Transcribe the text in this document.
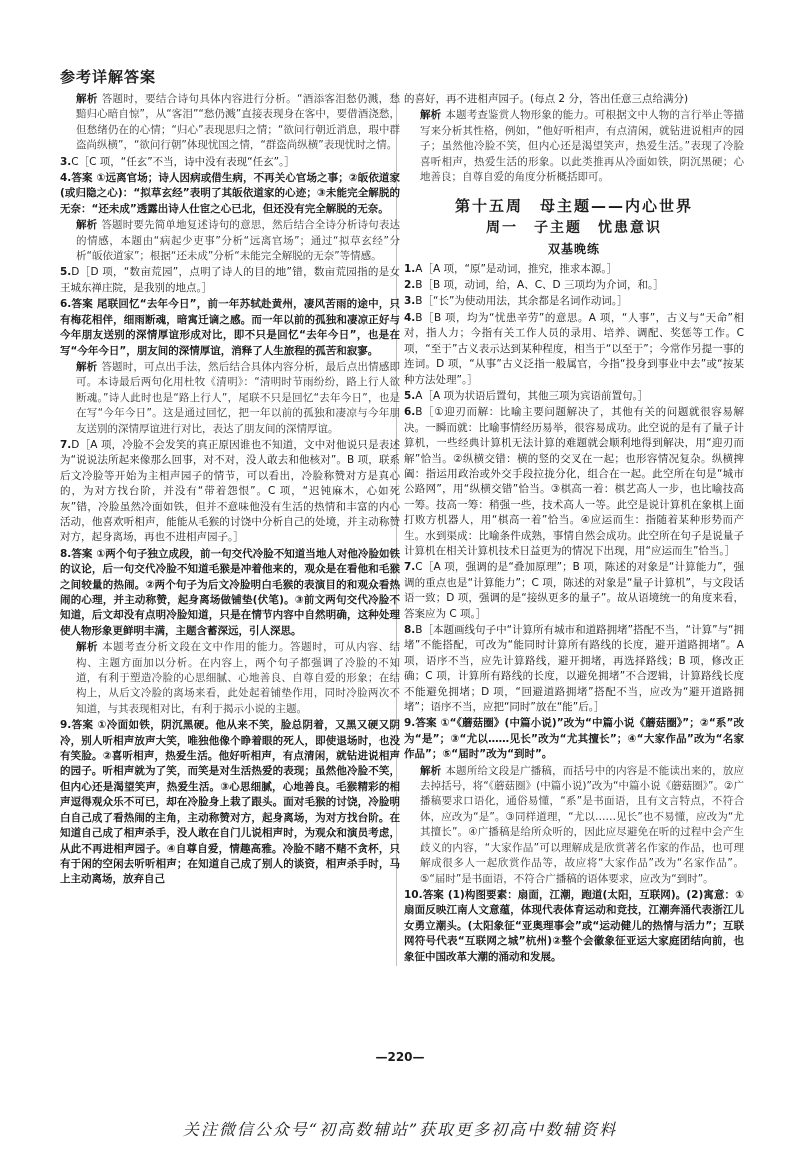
参考详解答案
解析 答题时，要结合诗句具体内容进行分析。“酒添客泪愁仍溅，愁黯归心暗自惊”，从“客泪”“愁仍溅”直接表现身在客中，要借酒浇愁，但愁绪仍在的心情；“归心”表现思归之情；“欲问行朝近消息，瑕中群盗尚纵横”，“欲问行朝”体现忧国之情，“群盗尚纵横”表现忧时之情。
3.C［C 项，“任玄”不当，诗中没有表现“任玄”。］
4.答案 ①远离官场；诗人因病或借生病，不再关心官场之事；②皈依道家(或归隐之心)：“拟草玄经”表明了其皈依道家的心迹；③未能完全解脱的无奈：“还未成”透露出诗人仕宦之心已北，但还没有完全解脱的无奈。
解析 答题时要先简单地复述诗句的意思，然后结合全诗分析诗句表达的情感，本题由“病起少吏事”分析“远离官场”；通过“拟草玄经”分析“皈依道家”；根据“还未成”分析“未能完全解脱的无奈”等情感。
5.D［D 项，“数亩荒园”，点明了诗人的目的地”错，数亩荒园指的是女王城东禅庄院，是我别的地点。］
6.答案 尾联回忆“去年今日”，前一年苏轼赴黄州，凄风苦雨的途中，只有梅花相伴，细雨断魂，暗寓迁谪之感。而一年以前的孤独和凄凉正好与今年朋友送别的深情厚谊形成对比，即不只是回忆“去年今日”，也是在写“今年今日”，朋友间的深情厚谊，消释了人生旅程的孤苦和寂寥。
解析 答题时，可点出手法，然后结合具体内容分析，最后点出情感即可。本诗最后两句化用杜牧《清明》：“清明时节雨纷纷，路上行人欲断魂。”诗人此时也是“路上行人”，尾联不只是回忆“去年今日”，也是在写“今年今日”。这是通过回忆，把一年以前的孤独和凄凉与今年朋友送别的深情厚谊进行对比，表达了朋友间的深情厚谊。
7.D［A 项，冷脸不会发笑的真正原因谁也不知道，文中对他说只是表述为“说说法所起来像那么回事，对不对，没人敢去和他核对”。B 项，联系后文冷脸等开始为主相声园子的情节，可以看出，冷脸称赞对方是真心的，为对方找台阶，并没有“带着怨恨”。C 项，“迟钝麻木，心如死灰”错，冷脸虽然冷面如铁，但并不意味他没有生活的热情和丰富的内心活动，他喜欢听相声，能能从毛猴的讨饶中分析自己的处境，并主动称赞对方，起身离场，再也不进相声园子。］
8.答案 ①两个句子独立成段，前一句交代冷脸不知道当地人对他冷脸如铁的议论，后一句交代冷脸不知道毛猴是冲着他来的，观众是在看他和毛猴之间较量的热闹。②两个句子为后文冷脸明白毛猴的表演目的和观众看热闹的心理，并主动称赞，起身离场做铺垫(伏笔)。③前文两句交代冷脸不知道，后文却没有点明冷脸知道，只是在情节内容中自然明确，这种处理使人物形象更鲜明丰满，主题含蓄深远，引人深思。
解析 本题考查分析文段在文中作用的能力。答题时，可从内容、结构、主题方面加以分析。在内容上，两个句子都强调了冷脸的不知道，有利于塑造冷脸的心思细腻、心地善良、自尊自爱的形象；在结构上，从后文冷脸的离场来看，此处起着铺垫作用，同时冷脸两次不知道，与其表现相对比，有利于揭示小说的主题。
9.答案 ①冷面如铁，阴沉黑硬。他从来不笑，脸总阴着，又黑又硬又阴冷，别人听相声放声大笑，唯独他像个睁着眼的死人，即使退场时，也没有笑脸。②喜听相声，热爱生活。他好听相声，有点清闲，就钻进说相声的园子。听相声就为了笑，而笑是对生活热爱的表现；虽然他冷脸不笑，但内心还是渴望笑声，热爱生活。③心思细腻，心地善良。毛猴精彩的相声逗得观众乐不可已，却在冷脸身上栽了跟头。面对毛猴的讨饶，冷脸明白自己成了看热闹的主角，主动称赞对方，起身离场，为对方找台阶。在知道自己成了相声杀手，没人敢在自门儿说相声时，为观众和演员考虑，从此不再进相声园子。④自尊自爱，情趣高雅。冷脸不睹不赌不贪杯，只有于闲的空闲去听听相声；在知道自己成了别人的谈资，相声杀手时，马上主动离场，放弃自己
的喜好，再不进相声园子。(每点 2 分，答出任意三点给满分)
解析 本题考查鉴赏人物形象的能力。可根据文中人物的言行举止等描写来分析其性格，例如，“他好听相声，有点清闲，就钻进说相声的园子；虽然他冷脸不笑，但内心还是渴望笑声，热爱生活。”表现了冷脸喜听相声，热爱生活的形象。以此类推再从冷面如铁，阴沉黑硬；心地善良；自尊自爱的角度分析概括即可。
第十五周　母主题——内心世界
周一　子主题　忧患意识
双基晚练
1.A［A 项，“原”是动词，推究，推求本源。］
2.B［B 项，动词，给，A、C、D 三项均为介词，和。］
3.B［“长”为使动用法，其余都是名词作动词。］
4.B［B 项，均为“忧患辛劳”的意思。A 项，“人事”，古义与“天命”相对，指人力；今指有关工作人员的录用、培养、调配、奖惩等工作。C 项，“至于”古义表示达到某种程度，相当于“以至于”；今常作另提一事的连词。D 项，“从事”古义泛指一般属官，今指“投身到事业中去”或“按某种方法处理”。］
5.A［A 项为状语后置句，其他三项为宾语前置句。］
6.B［①迎刃而解：比喻主要问题解决了，其他有关的问题就很容易解决。一瞬而就：比喻事情经历易举，很容易成功。此空说的是有了量子计算机，一些经典计算机无法计算的难题就会顺利地得到解决，用“迎刃而解”恰当。②纵横交错：横的竖的交叉在一起；也形容情况复杂。纵横捭阖：指运用政治或外交手段拉拢分化，组合在一起。此空所在句是“城市公路网”，用“纵横交错”恰当。③棋高一着：棋艺高人一步，也比喻技高一筹。技高一筹：稍强一些，技术高人一等。此空是说计算机在象棋上面打败方机器人，用“棋高一着”恰当。④应运而生：指随着某种形势而产生。水到渠成：比喻条件成熟，事情自然会成功。此空所在句子是说量子计算机在相关计算机技术日益更为的情况下出现，用“应运而生”恰当。］
7.C［A 项，强调的是“叠加原理”；B 项，陈述的对象是“计算能力”，强调的重点也是“计算能力”；C 项，陈述的对象是“量子计算机”，与文段话语一致；D 项，强调的是“接纵更多的量子”。故从语境统一的角度来看，答案应为 C 项。］
8.B［本题画线句子中“计算所有城市和道路拥堵”搭配不当，“计算”与“拥堵”不能搭配，可改为“能同时计算所有路线的长度，避开道路拥堵”。A 项，语序不当，应先计算路线，避开拥堵，再选择路线；B 项，修改正确；C 项，计算所有路线的长度，以避免拥堵”不合逻辑，计算路线长度不能避免拥堵；D 项，“回避道路拥堵”搭配不当，应改为“避开道路拥堵”；语序不当，应把“同时”放在“能”后。］
9.答案 ①“《蘑菇圈》(中篇小说)”改为“中篇小说《蘑菇圈》”；②“系”改为“是”；③“尤以……见长”改为“尤其擅长”；④“大家作品”改为“名家作品”；⑤“届时”改为“到时”。
解析 本题所给文段是广播稿，而括号中的内容是不能读出来的，放应去掉括号，将“《蘑菇圈》(中篇小说)”改为“中篇小说《蘑菇圈》”。②广播稿要求口语化，通俗易懂，“系”是书面语，且有文言特点，不符合体，应改为“是”。③同样道理，“尤以……见长”也不易懂，应改为“尤其擅长”。④广播稿是给所众听的，因此应尽避免在听的过程中会产生歧义的内容，“大家作品”可以理解成是欣赏著名作家的作品，也可理解成很多人一起欣赏作品等，故应将“大家作品”改为“名家作品”。⑤“届时”是书面语，不符合广播稿的语体要求，应改为“到时”。
10.答案 (1)构图要素：扇面，江潮，跑道(太阳，互联网)。(2)寓意：①扇面反映江南人文意蕴，体现代表体育运动和竞技，江潮奔涌代表浙江儿女勇立潮头。(太阳象征“亚奥理事会”或“运动健儿的热情与活力”；互联网符号代表“互联网之城”杭州)②整个会徽象征亚运大家庭团结向前，也象征中国改革大潮的涌动和发展。
—220—
关注微信公众号“初高数辅站”获取更多初高中数辅资料
